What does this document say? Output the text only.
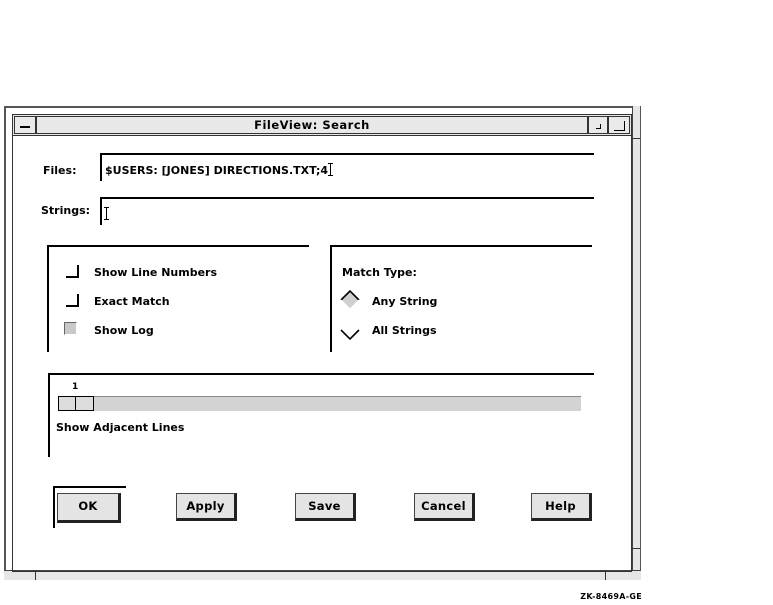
FileView: Search
Files:	$USERS: [JONES] DIRECTIONS.TXT;4
Strings:
Show Line Numbers
Exact Match
Show Log
Match Type:
Any String
All Strings
1
Show Adjacent Lines
OK	Apply	Save	Cancel	Help
ZK-8469A-GE
